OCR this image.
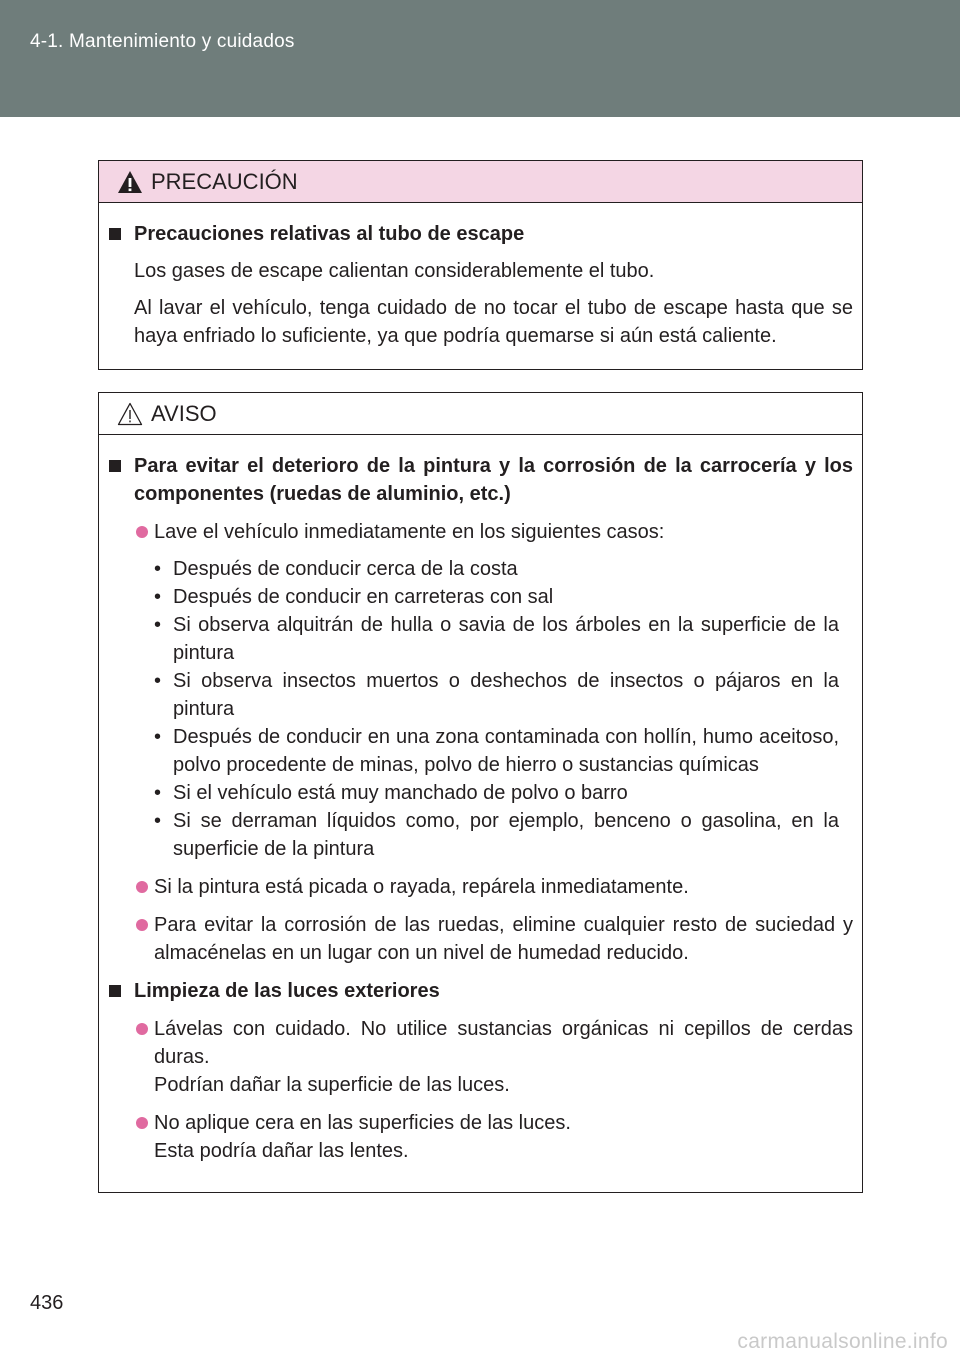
4-1. Mantenimiento y cuidados
PRECAUCIÓN
Precauciones relativas al tubo de escape
Los gases de escape calientan considerablemente el tubo.
Al lavar el vehículo, tenga cuidado de no tocar el tubo de escape hasta que se haya enfriado lo suficiente, ya que podría quemarse si aún está caliente.
AVISO
Para evitar el deterioro de la pintura y la corrosión de la carrocería y los componentes (ruedas de aluminio, etc.)
Lave el vehículo inmediatamente en los siguientes casos:
• Después de conducir cerca de la costa
• Después de conducir en carreteras con sal
• Si observa alquitrán de hulla o savia de los árboles en la superficie de la pintura
• Si observa insectos muertos o deshechos de insectos o pájaros en la pintura
• Después de conducir en una zona contaminada con hollín, humo aceitoso, polvo procedente de minas, polvo de hierro o sustancias químicas
• Si el vehículo está muy manchado de polvo o barro
• Si se derraman líquidos como, por ejemplo, benceno o gasolina, en la superficie de la pintura
Si la pintura está picada o rayada, repárela inmediatamente.
Para evitar la corrosión de las ruedas, elimine cualquier resto de suciedad y almacénelas en un lugar con un nivel de humedad reducido.
Limpieza de las luces exteriores
Lávelas con cuidado. No utilice sustancias orgánicas ni cepillos de cerdas duras.
Podrían dañar la superficie de las luces.
No aplique cera en las superficies de las luces.
Esta podría dañar las lentes.
436
carmanualsonline.info
